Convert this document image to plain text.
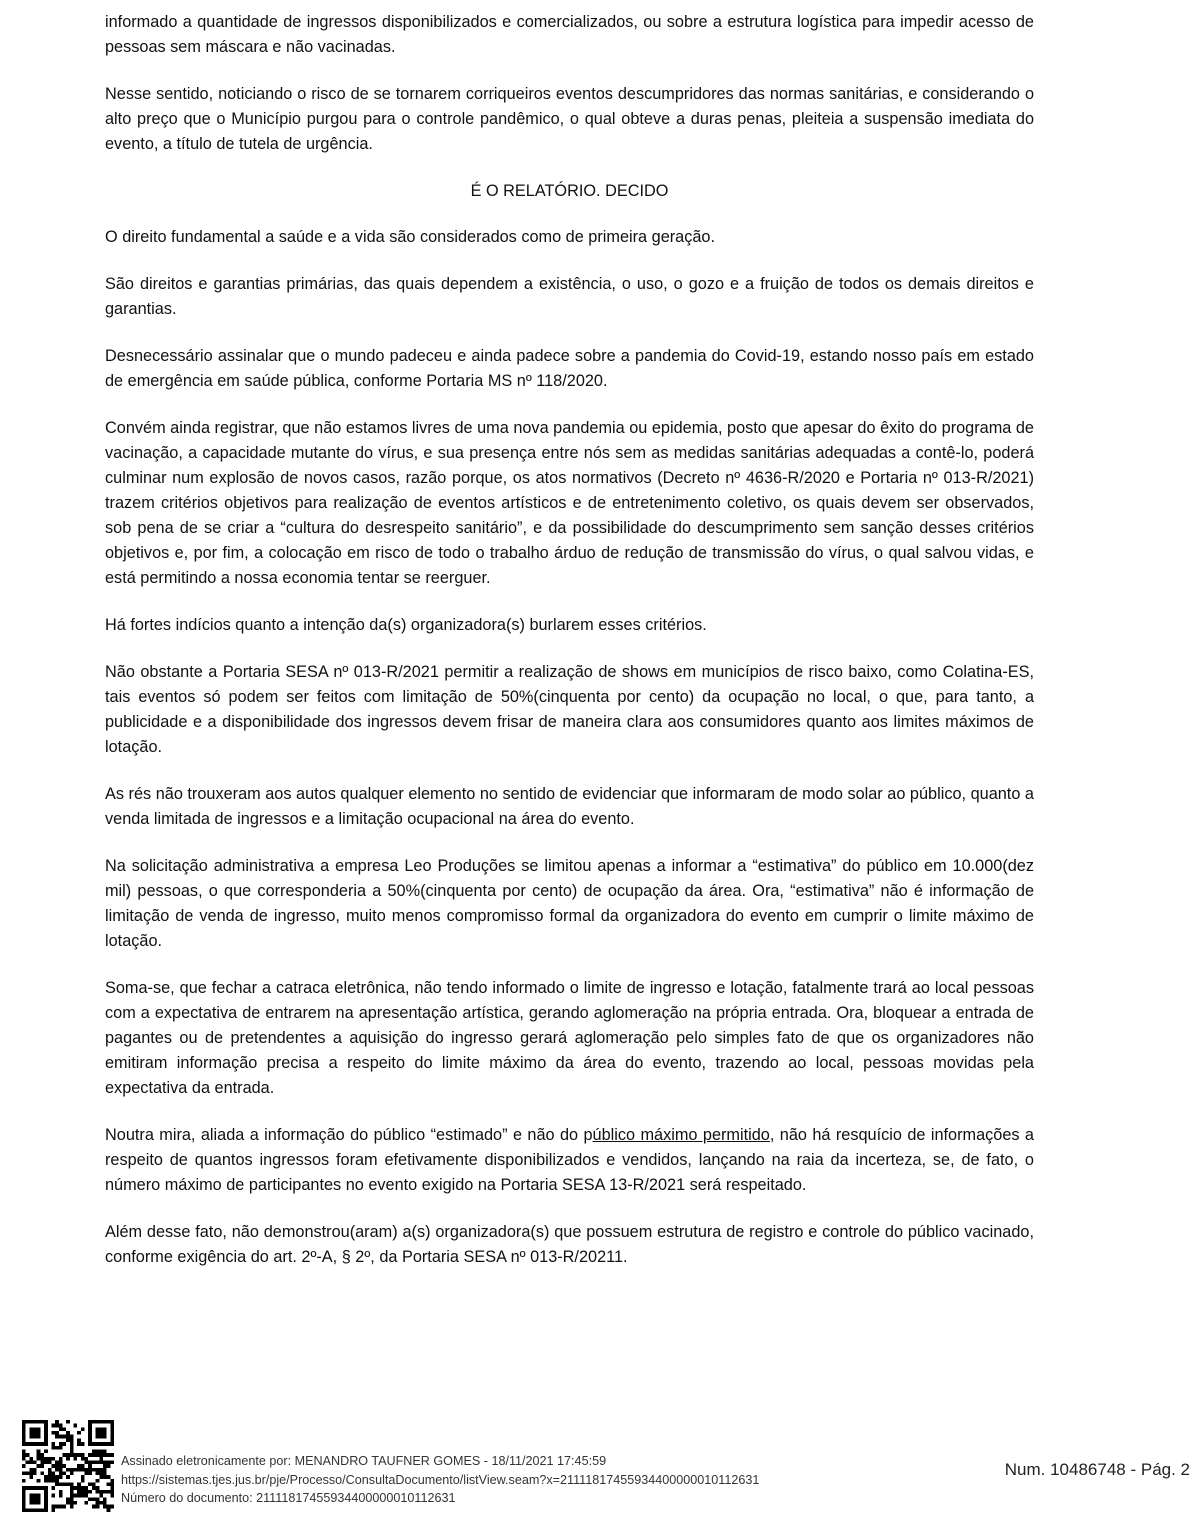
informado a quantidade de ingressos disponibilizados e comercializados, ou sobre a estrutura logística para impedir acesso de pessoas sem máscara e não vacinadas.

Nesse sentido, noticiando o risco de se tornarem corriqueiros eventos descumpridores das normas sanitárias, e considerando o alto preço que o Município purgou para o controle pandêmico, o qual obteve a duras penas, pleiteia a suspensão imediata do evento, a título de tutela de urgência.

É O RELATÓRIO. DECIDO

O direito fundamental a saúde e a vida são considerados como de primeira geração.

São direitos e garantias primárias, das quais dependem a existência, o uso, o gozo e a fruição de todos os demais direitos e garantias.

Desnecessário assinalar que o mundo padeceu e ainda padece sobre a pandemia do Covid-19, estando nosso país em estado de emergência em saúde pública, conforme Portaria MS nº 118/2020.

Convém ainda registrar, que não estamos livres de uma nova pandemia ou epidemia, posto que apesar do êxito do programa de vacinação, a capacidade mutante do vírus, e sua presença entre nós sem as medidas sanitárias adequadas a contê-lo, poderá culminar num explosão de novos casos, razão porque, os atos normativos (Decreto nº 4636-R/2020 e Portaria nº 013-R/2021) trazem critérios objetivos para realização de eventos artísticos e de entretenimento coletivo, os quais devem ser observados, sob pena de se criar a “cultura do desrespeito sanitário”, e da possibilidade do descumprimento sem sanção desses critérios objetivos e, por fim, a colocação em risco de todo o trabalho árduo de redução de transmissão do vírus, o qual salvou vidas, e está permitindo a nossa economia tentar se reerguer.

Há fortes indícios quanto a intenção da(s) organizadora(s) burlarem esses critérios.

Não obstante a Portaria SESA nº 013-R/2021 permitir a realização de shows em municípios de risco baixo, como Colatina-ES, tais eventos só podem ser feitos com limitação de 50%(cinquenta por cento) da ocupação no local, o que, para tanto, a publicidade e a disponibilidade dos ingressos devem frisar de maneira clara aos consumidores quanto aos limites máximos de lotação.

As rés não trouxeram aos autos qualquer elemento no sentido de evidenciar que informaram de modo solar ao público, quanto a venda limitada de ingressos e a limitação ocupacional na área do evento.

Na solicitação administrativa a empresa Leo Produções se limitou apenas a informar a “estimativa” do público em 10.000(dez mil) pessoas, o que corresponderia a 50%(cinquenta por cento) de ocupação da área. Ora, “estimativa” não é informação de limitação de venda de ingresso, muito menos compromisso formal da organizadora do evento em cumprir o limite máximo de lotação.

Soma-se, que fechar a catraca eletrônica, não tendo informado o limite de ingresso e lotação, fatalmente trará ao local pessoas com a expectativa de entrarem na apresentação artística, gerando aglomeração na própria entrada. Ora, bloquear a entrada de pagantes ou de pretendentes a aquisição do ingresso gerará aglomeração pelo simples fato de que os organizadores não emitiram informação precisa a respeito do limite máximo da área do evento, trazendo ao local, pessoas movidas pela expectativa da entrada.

Noutra mira, aliada a informação do público “estimado” e não do público máximo permitido, não há resquício de informações a respeito de quantos ingressos foram efetivamente disponibilizados e vendidos, lançando na raia da incerteza, se, de fato, o número máximo de participantes no evento exigido na Portaria SESA 13-R/2021 será respeitado.

Além desse fato, não demonstrou(aram) a(s) organizadora(s) que possuem estrutura de registro e controle do público vacinado, conforme exigência do art. 2º-A, § 2º, da Portaria SESA nº 013-R/20211.

Assinado eletronicamente por: MENANDRO TAUFNER GOMES - 18/11/2021 17:45:59
https://sistemas.tjes.jus.br/pje/Processo/ConsultaDocumento/listView.seam?x=21111817455934400000010112631
Número do documento: 21111817455934400000010112631
Num. 10486748 - Pág. 2
